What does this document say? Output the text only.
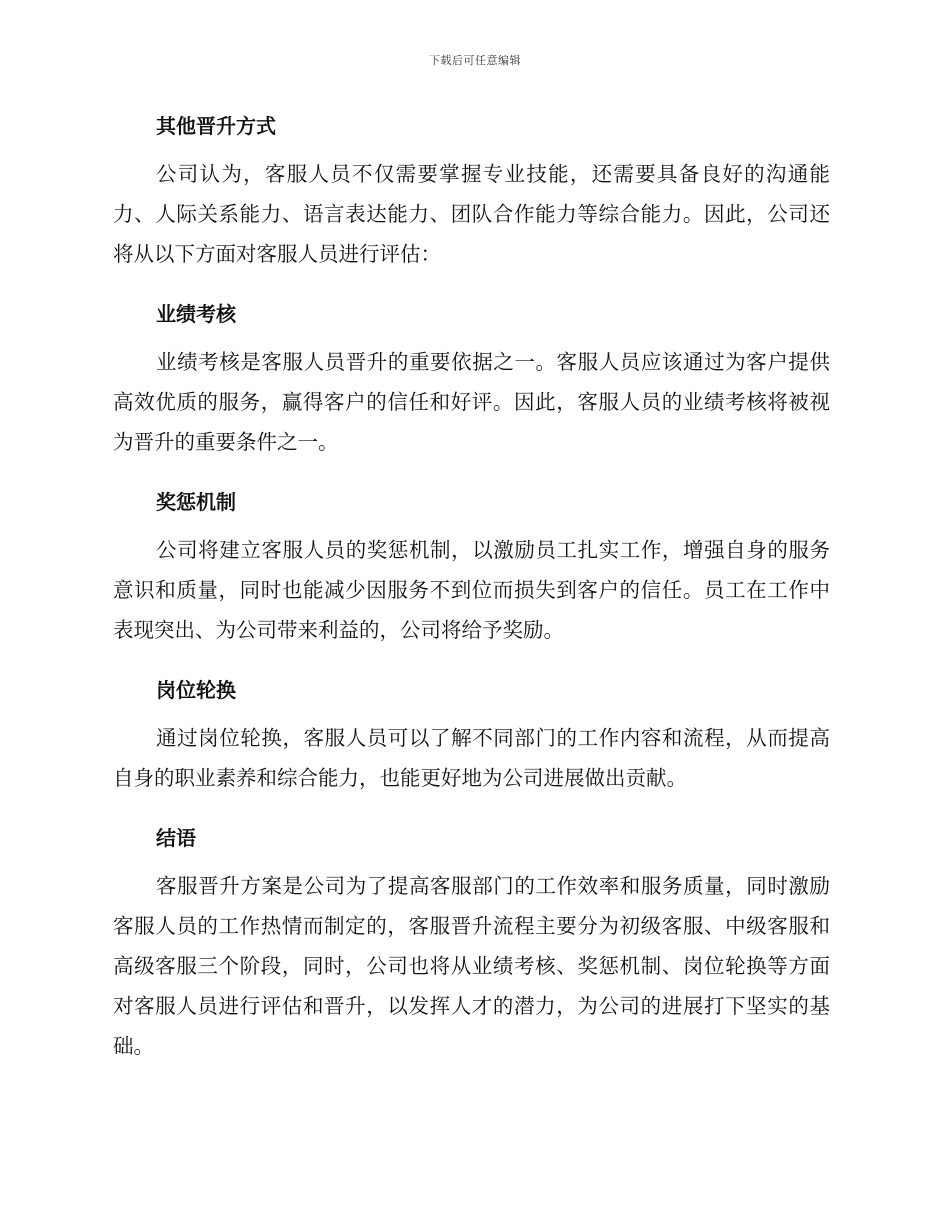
下载后可任意编辑
其他晋升方式

公司认为，客服人员不仅需要掌握专业技能，还需要具备良好的沟通能力、人际关系能力、语言表达能力、团队合作能力等综合能力。因此，公司还将从以下方面对客服人员进行评估：

业绩考核

业绩考核是客服人员晋升的重要依据之一。客服人员应该通过为客户提供高效优质的服务，赢得客户的信任和好评。因此，客服人员的业绩考核将被视为晋升的重要条件之一。

奖惩机制

公司将建立客服人员的奖惩机制，以激励员工扎实工作，增强自身的服务意识和质量，同时也能减少因服务不到位而损失到客户的信任。员工在工作中表现突出、为公司带来利益的，公司将给予奖励。

岗位轮换

通过岗位轮换，客服人员可以了解不同部门的工作内容和流程，从而提高自身的职业素养和综合能力，也能更好地为公司进展做出贡献。

结语

客服晋升方案是公司为了提高客服部门的工作效率和服务质量，同时激励客服人员的工作热情而制定的，客服晋升流程主要分为初级客服、中级客服和高级客服三个阶段，同时，公司也将从业绩考核、奖惩机制、岗位轮换等方面对客服人员进行评估和晋升，以发挥人才的潜力，为公司的进展打下坚实的基础。
